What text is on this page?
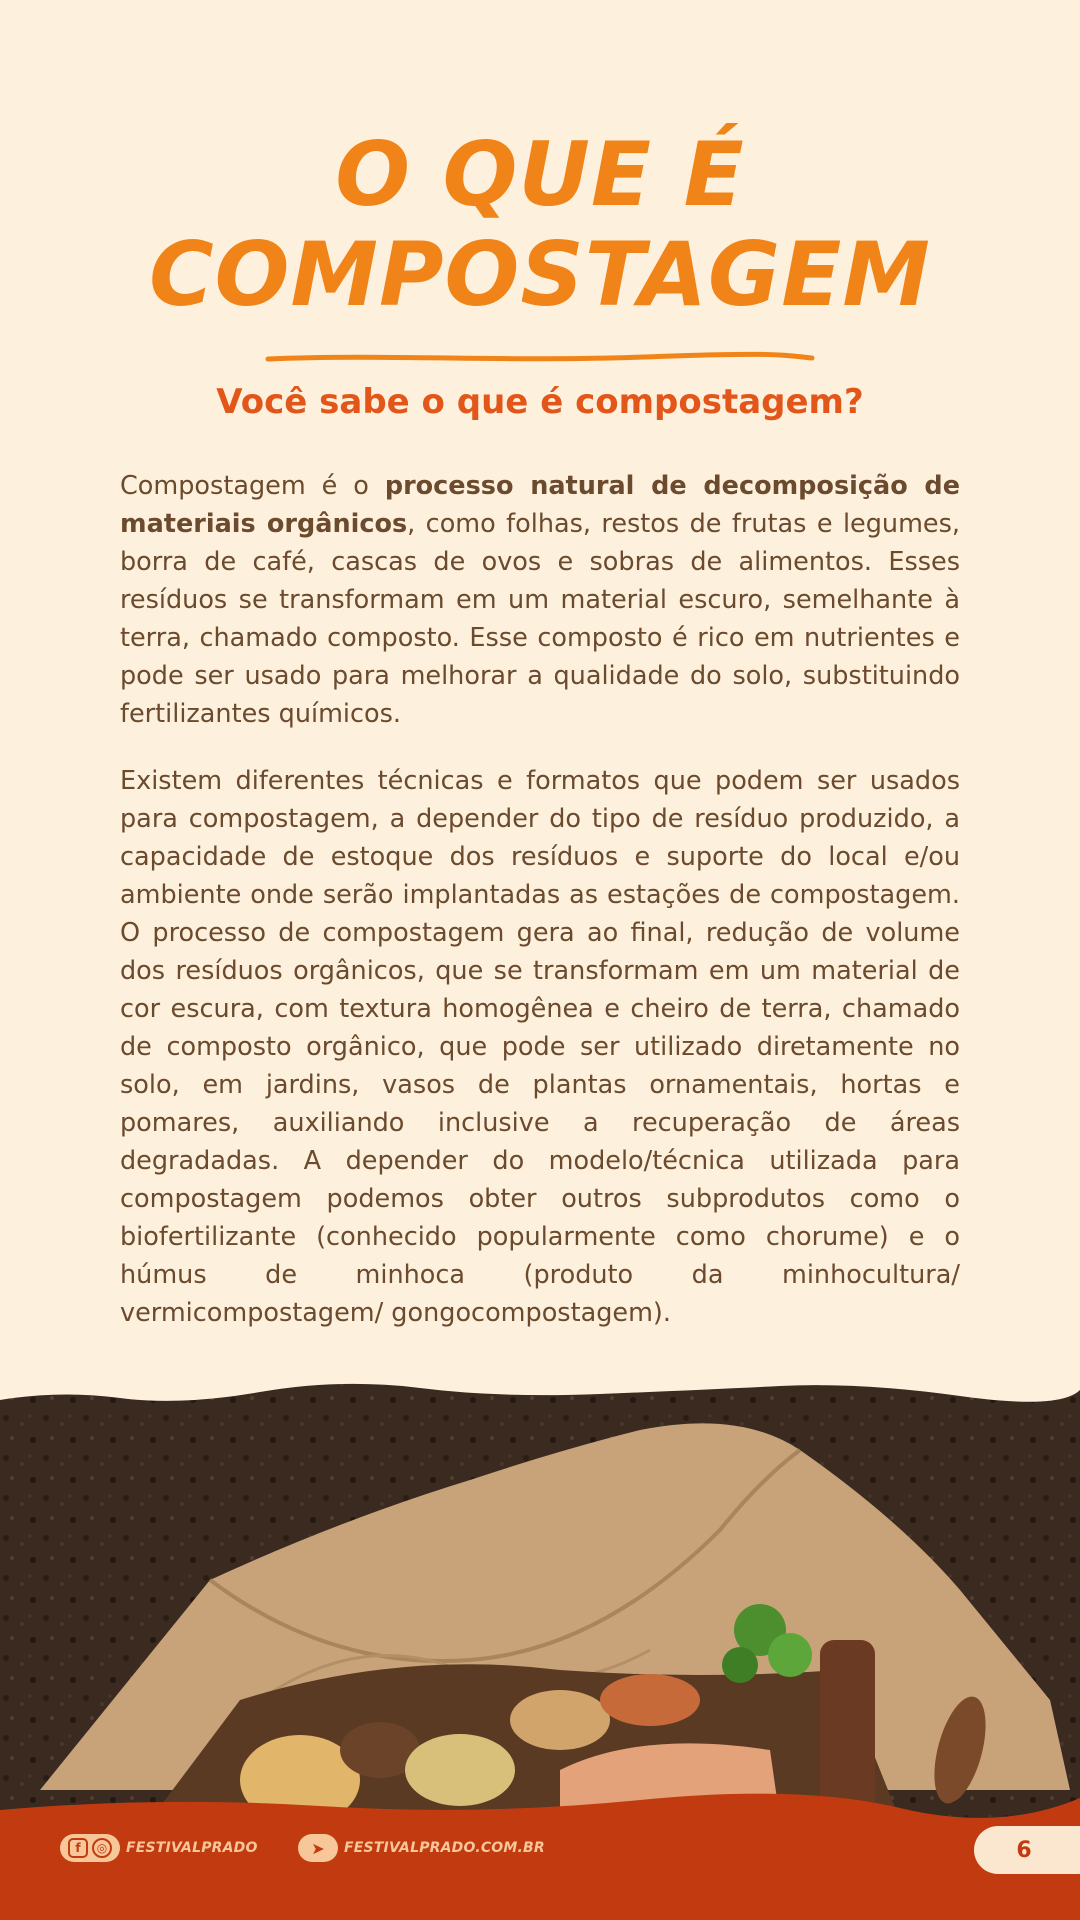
O QUE É
COMPOSTAGEM
Você sabe o que é compostagem?

Compostagem é o processo natural de decomposição de materiais orgânicos, como folhas, restos de frutas e legumes, borra de café, cascas de ovos e sobras de alimentos. Esses resíduos se transformam em um material escuro, semelhante à terra, chamado composto. Esse composto é rico em nutrientes e pode ser usado para melhorar a qualidade do solo, substituindo fertilizantes químicos.

Existem diferentes técnicas e formatos que podem ser usados para compostagem, a depender do tipo de resíduo produzido, a capacidade de estoque dos resíduos e suporte do local e/ou ambiente onde serão implantadas as estações de compostagem. O processo de compostagem gera ao final, redução de volume dos resíduos orgânicos, que se transformam em um material de cor escura, com textura homogênea e cheiro de terra, chamado de composto orgânico, que pode ser utilizado diretamente no solo, em jardins, vasos de plantas ornamentais, hortas e pomares, auxiliando inclusive a recuperação de áreas degradadas. A depender do modelo/técnica utilizada para compostagem podemos obter outros subprodutos como o biofertilizante (conhecido popularmente como chorume) e o húmus de minhoca (produto da minhocultura/ vermicompostagem/ gongocompostagem).

f	◎	FESTIVALPRADO	➤	FESTIVALPRADO.COM.BR	6
